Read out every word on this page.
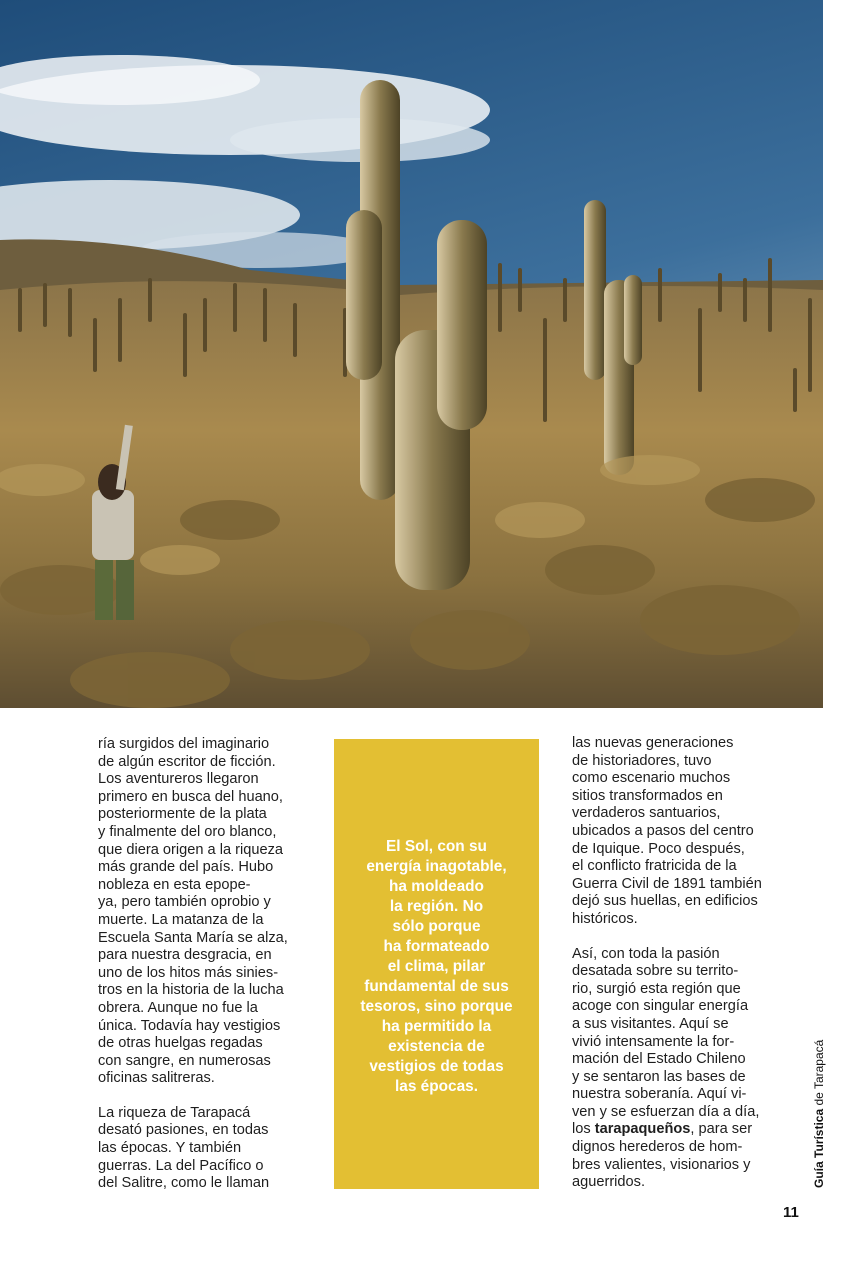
ría surgidos del imaginario
de algún escritor de ficción.
Los aventureros llegaron
primero en busca del huano,
posteriormente de la plata
y finalmente del oro blanco,
que diera origen a la riqueza
más grande del país. Hubo
nobleza en esta epope-
ya, pero también oprobio y
muerte. La matanza de la
Escuela Santa María se alza,
para nuestra desgracia, en
uno de los hitos más sinies-
tros en la historia de la lucha
obrera. Aunque no fue la
única. Todavía hay vestigios
de otras huelgas regadas
con sangre, en numerosas
oficinas salitreras.

La riqueza de Tarapacá
desató pasiones, en todas
las épocas. Y también
guerras. La del Pacífico o
del Salitre, como le llaman

El Sol, con su
energía inagotable,
ha moldeado
la región. No
sólo porque
ha formateado
el clima, pilar
fundamental de sus
tesoros, sino porque
ha permitido la
existencia de
vestigios de todas
las épocas.

las nuevas generaciones
de historiadores, tuvo
como escenario muchos
sitios transformados en
verdaderos santuarios,
ubicados a pasos del centro
de Iquique. Poco después,
el conflicto fratricida de la
Guerra Civil de 1891 también
dejó sus huellas, en edificios
históricos.

Así, con toda la pasión
desatada sobre su territo-
rio, surgió esta región que
acoge con singular energía
a sus visitantes. Aquí se
vivió intensamente la for-
mación del Estado Chileno
y se sentaron las bases de
nuestra soberanía. Aquí vi-
ven y se esfuerzan día a día,
los tarapaqueños, para ser
dignos herederos de hom-
bres valientes, visionarios y
aguerridos.	Guía Turística de Tarapacá
11
